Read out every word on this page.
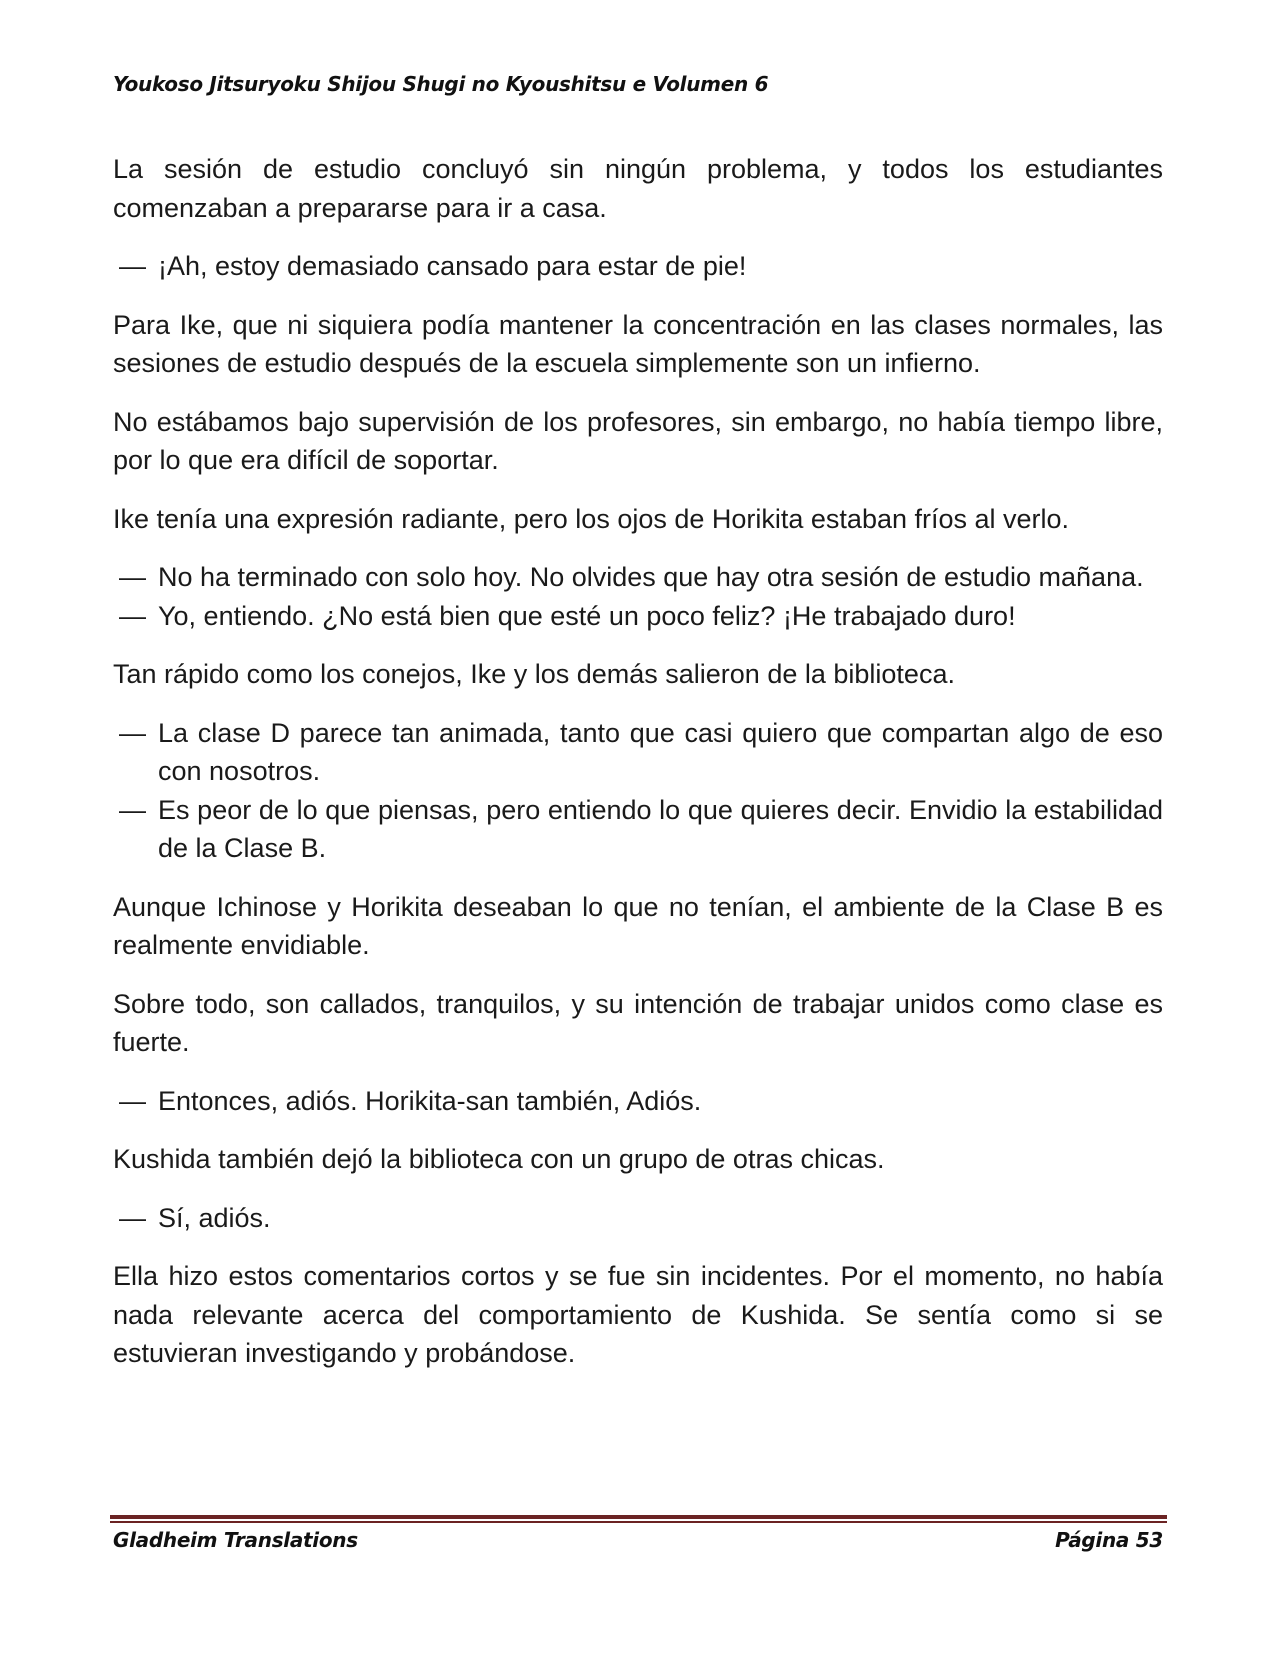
Youkoso Jitsuryoku Shijou Shugi no Kyoushitsu e Volumen 6

La sesión de estudio concluyó sin ningún problema, y todos los estudiantes comenzaban a prepararse para ir a casa.

— ¡Ah, estoy demasiado cansado para estar de pie!

Para Ike, que ni siquiera podía mantener la concentración en las clases normales, las sesiones de estudio después de la escuela simplemente son un infierno.

No estábamos bajo supervisión de los profesores, sin embargo, no había tiempo libre, por lo que era difícil de soportar.

Ike tenía una expresión radiante, pero los ojos de Horikita estaban fríos al verlo.

— No ha terminado con solo hoy. No olvides que hay otra sesión de estudio mañana.

— Yo, entiendo. ¿No está bien que esté un poco feliz? ¡He trabajado duro!

Tan rápido como los conejos, Ike y los demás salieron de la biblioteca.

— La clase D parece tan animada, tanto que casi quiero que compartan algo de eso con nosotros.

— Es peor de lo que piensas, pero entiendo lo que quieres decir. Envidio la estabilidad de la Clase B.

Aunque Ichinose y Horikita deseaban lo que no tenían, el ambiente de la Clase B es realmente envidiable.

Sobre todo, son callados, tranquilos, y su intención de trabajar unidos como clase es fuerte.

— Entonces, adiós. Horikita-san también, Adiós.

Kushida también dejó la biblioteca con un grupo de otras chicas.

— Sí, adiós.

Ella hizo estos comentarios cortos y se fue sin incidentes. Por el momento, no había nada relevante acerca del comportamiento de Kushida. Se sentía como si se estuvieran investigando y probándose.

Gladheim Translations	Página 53
